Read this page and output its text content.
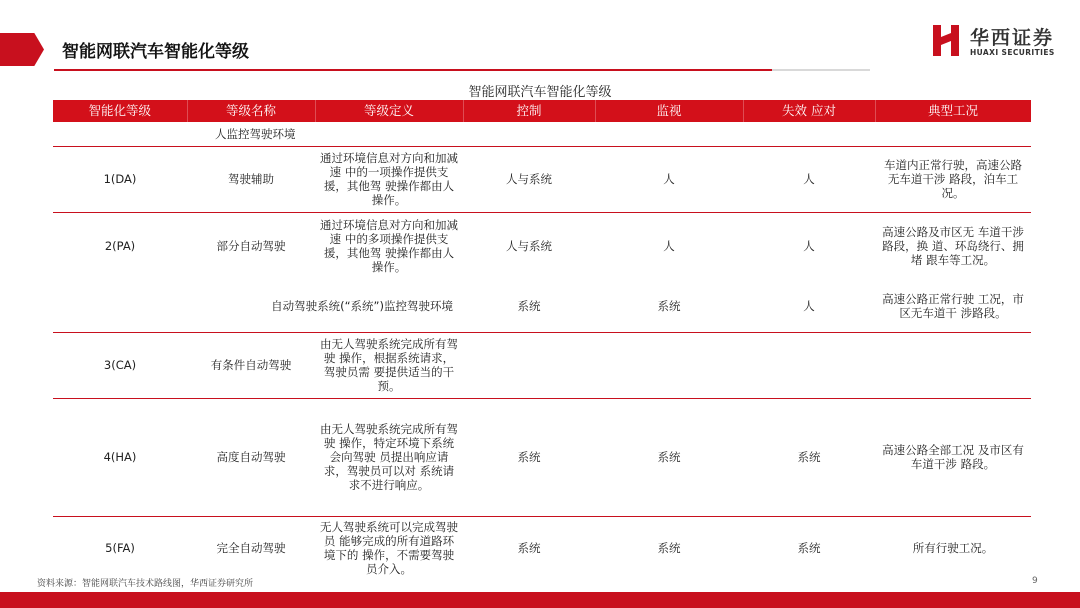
智能网联汽车智能化等级
华西证券
HUAXI SECURITIES
智能网联汽车智能化等级
智能化等级	等级名称	等级定义	控制	监视	失效 应对	典型工况
人监控驾驶环境						
1(DA)	驾驶辅助	通过环境信息对方向和加减速 中的一项操作提供支援，其他驾 驶操作都由人操作。	人与系统	人	人	车道内正常行驶，高速公路无车道干涉 路段，泊车工况。
2(PA)	部分自动驾驶	通过环境信息对方向和加减速 中的多项操作提供支援，其他驾 驶操作都由人操作。	人与系统	人	人	高速公路及市区无 车道干涉路段，换 道、环岛绕行、拥堵 跟车等工况。
自动驾驶系统(“系统”)监控驾驶环境			系统	系统	人	高速公路正常行驶 工况，市区无车道干 涉路段。
3(CA)	有条件自动驾驶	由无人驾驶系统完成所有驾驶 操作，根据系统请求，驾驶员需 要提供适当的干预。				
4(HA)	高度自动驾驶	由无人驾驶系统完成所有驾驶 操作，特定环境下系统会向驾驶 员提出响应请求，驾驶员可以对 系统请求不进行响应。	系统	系统	系统	高速公路全部工况 及市区有车道干涉 路段。
5(FA)	完全自动驾驶	无人驾驶系统可以完成驾驶员 能够完成的所有道路环境下的 操作，不需要驾驶员介入。	系统	系统	系统	所有行驶工况。
资料来源：智能网联汽车技术路线图，华西证券研究所	9
